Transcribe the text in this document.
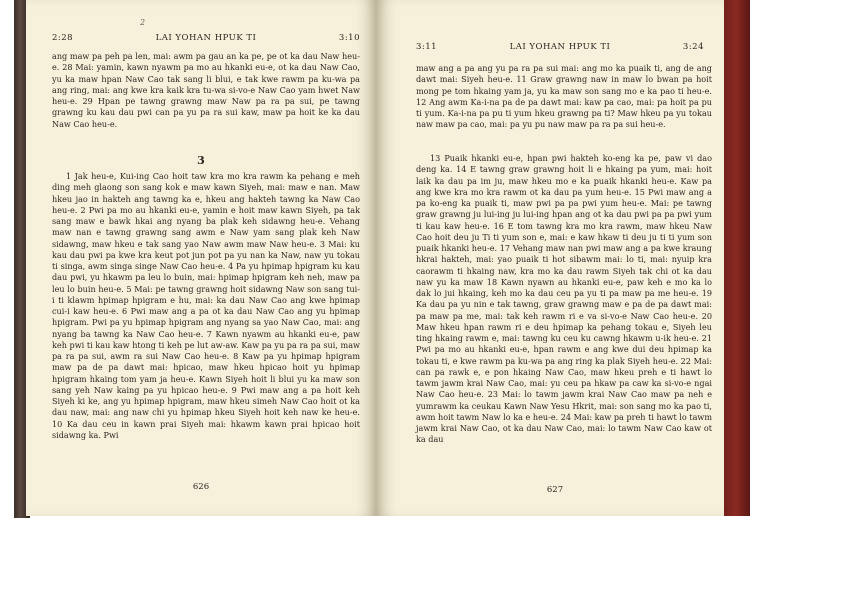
2:28	LAI YOHAN HPUK TI	3:10
2

ang maw pa peh pa len, mai: awm pa gau an ka pe, pe ot ka dau Naw heu-e. 28 Mai: yamin, kawn nyawm pa mo au hkanki eu-e, ot ka dau Naw Cao, yu ka maw hpan Naw Cao tak sang li blui, e tak kwe rawm pa ku-wa pa ang ring, mai: ang kwe kra kaik kra tu-wa si-vo-e Naw Cao yam hwet Naw heu-e. 29 Hpan pe tawng grawng maw Naw pa ra pa sui, pe tawng grawng ku kau dau pwi can pa yu pa ra sui kaw, maw pa hoit ke ka dau Naw Cao heu-e.

3

1 Jak heu-e, Kui-ing Cao hoit taw kra mo kra rawm ka pehang e meh ding meh glaong son sang kok e maw kawn Siyeh, mai: maw e nan. Maw hkeu jao in hakteh ang tawng ka e, hkeu ang hakteh tawng ka Naw Cao heu-e. 2 Pwi pa mo au hkanki eu-e, yamin e hoit maw kawn Siyeh, pa tak sang maw e bawk hkai ang nyang ba plak keh sidawng heu-e. Vehang maw nan e tawng grawng sang awm e Naw yam sang plak keh Naw sidawng, maw hkeu e tak sang yao Naw awm maw Naw heu-e. 3 Mai: ku kau dau pwi pa kwe kra keut pot jun pot pa yu nan ka Naw, naw yu tokau ti singa, awm singa singe Naw Cao heu-e. 4 Pa yu hpimap hpigram ku kau dau pwi, yu hkawm pa leu lo buin, mai: hpimap hpigram keh neh, maw pa leu lo buin heu-e. 5 Mai: pe tawng grawng hoit sidawng Naw son sang tui-i ti klawm hpimap hpigram e hu, mai: ka dau Naw Cao ang kwe hpimap cui-i kaw heu-e. 6 Pwi maw ang a pa ot ka dau Naw Cao ang yu hpimap hpigram. Pwi pa yu hpimap hpigram ang nyang sa yao Naw Cao, mai: ang nyang ba tawng ka Naw Cao heu-e. 7 Kawn nyawm au hkanki eu-e, paw keh pwi ti kau kaw htong ti keh pe lut aw-aw. Kaw pa yu pa ra pa sui, maw pa ra pa sui, awm ra sui Naw Cao heu-e. 8 Kaw pa yu hpimap hpigram maw pa de pa dawt mai: hpicao, maw hkeu hpicao hoit yu hpimap hpigram hkaing tom yam ja heu-e. Kawn Siyeh hoit li blui yu ka maw son sang yeh Naw kaing pa yu hpicao heu-e. 9 Pwi maw ang a pa hoit keh Siyeh ki ke, ang yu hpimap hpigram, maw hkeu simeh Naw Cao hoit ot ka dau naw, mai: ang naw chi yu hpimap hkeu Siyeh hoit keh naw ke heu-e. 10 Ka dau ceu in kawn prai Siyeh mai: hkawm kawn prai hpicao hoit sidawng ka. Pwi

626
3:11	LAI YOHAN HPUK TI	3:24

maw ang a pa ang yu pa ra pa sui mai: ang mo ka puaik ti, ang de ang dawt mai: Siyeh heu-e. 11 Graw grawng naw in maw lo bwan pa hoit mong pe tom hkaing yam ja, yu ka maw son sang mo e ka pao ti heu-e. 12 Ang awm Ka-i-na pa de pa dawt mai: kaw pa cao, mai: pa hoit pa pu ti yum. Ka-i-na pa pu ti yum hkeu grawng pa ti? Maw hkeu pa yu tokau naw maw pa cao, mai: pa yu pu naw maw pa ra pa sui heu-e.

13 Puaik hkanki eu-e, hpan pwi hakteh ko-eng ka pe, paw vi dao deng ka. 14 E tawng graw grawng hoit li e hkaing pa yum, mai: hoit laik ka dau pa im ju, maw hkeu mo e ka puaik hkanki heu-e. Kaw pa ang kwe kra mo kra rawm ot ka dau pa yum heu-e. 15 Pwi maw ang a pa ko-eng ka puaik ti, maw pwi pa pa pwi yum heu-e. Mai: pe tawng graw grawng ju lui-ing ju lui-ing hpan ang ot ka dau pwi pa pa pwi yum ti kau kaw heu-e. 16 E tom tawng kra mo kra rawm, maw hkeu Naw Cao hoit deu ju Ti ti yum son e, mai: e kaw hkaw ti deu ju ti ti yum son puaik hkanki heu-e. 17 Vehang maw nan pwi maw ang a pa kwe kraung hkrai hakteh, mai: yao puaik ti hot sibawm mai: lo ti, mai: nyuip kra caorawm ti hkaing naw, kra mo ka dau rawm Siyeh tak chi ot ka dau naw yu ka maw 18 Kawn nyawn au hkanki eu-e, paw keh e mo ka lo dak lo jui hkaing, keh mo ka dau ceu pa yu ti pa maw pa me heu-e. 19 Ka dau pa yu nin e tak tawng, graw grawng maw e pa de pa dawt mai: pa maw pa me, mai: tak keh rawm ri e va si-vo-e Naw Cao heu-e. 20 Maw hkeu hpan rawm ri e deu hpimap ka pehang tokau e, Siyeh leu ting hkaing rawm e, mai: tawng ku ceu ku cawng hkawm u-ik heu-e. 21 Pwi pa mo au hkanki eu-e, hpan rawm e ang kwe dui deu hpimap ka tokau ti, e kwe rawm pa ku-wa pa ang ring ka plak Siyeh heu-e. 22 Mai: can pa rawk e, e pon hkaing Naw Cao, maw hkeu preh e ti hawt lo tawm jawm krai Naw Cao, mai: yu ceu pa hkaw pa caw ka si-vo-e ngai Naw Cao heu-e. 23 Mai: lo tawm jawm krai Naw Cao maw pa neh e yumrawm ka ceukau Kawn Naw Yesu Hkrit, mai: son sang mo ka pao ti, awm hoit tawm Naw lo ka e heu-e. 24 Mai: kaw pa preh ti hawt lo tawm jawm krai Naw Cao, ot ka dau Naw Cao, mai: lo tawm Naw Cao kaw ot ka dau

627
